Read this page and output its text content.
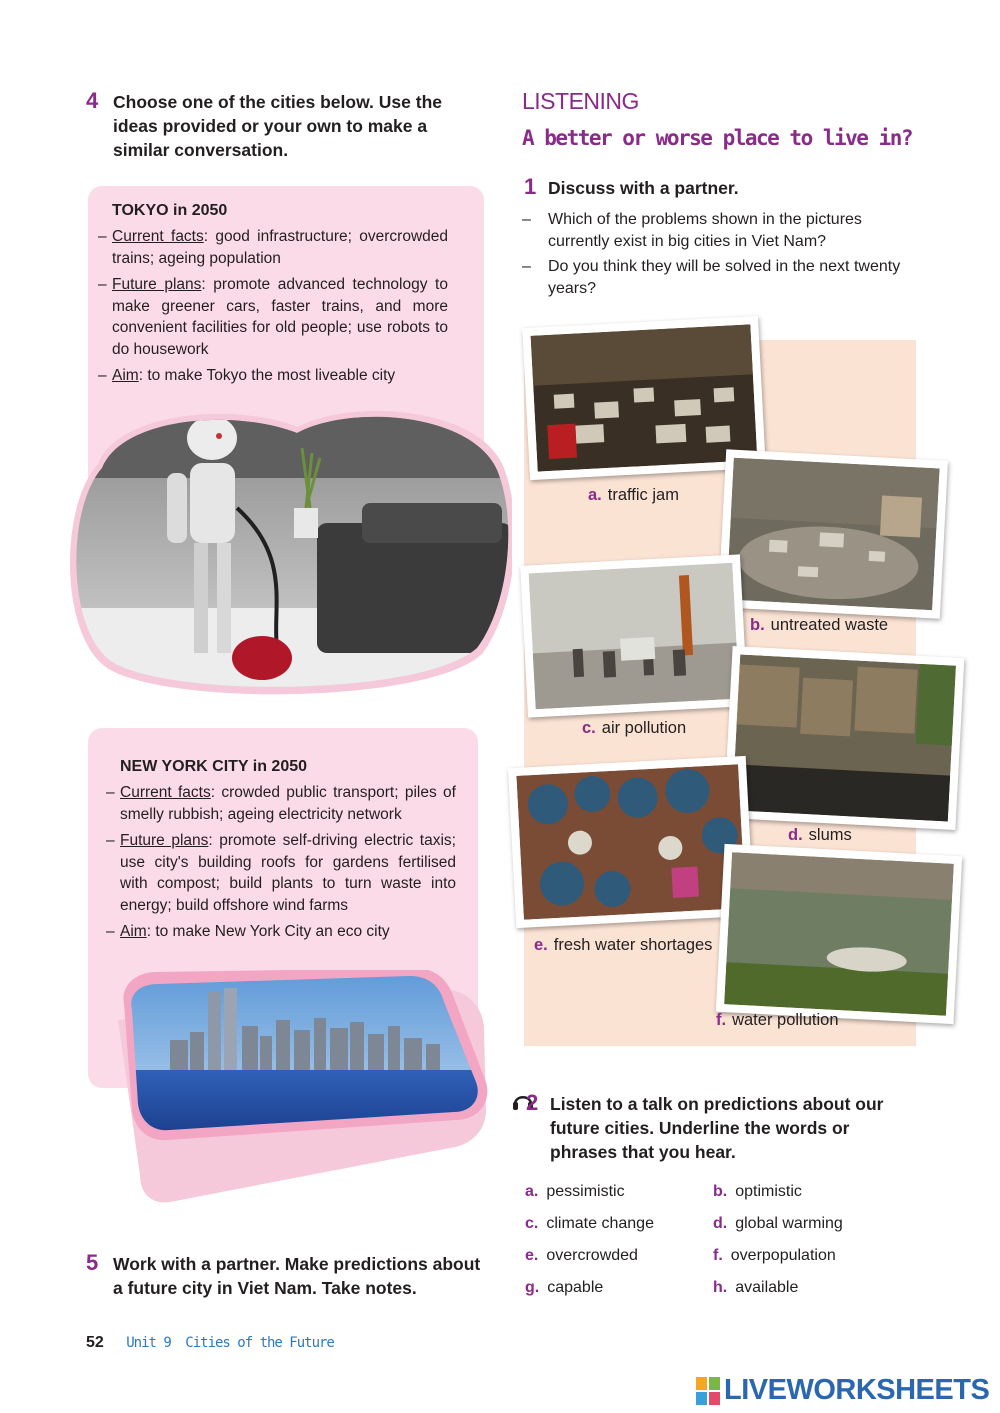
4 Choose one of the cities below. Use the ideas provided or your own to make a similar conversation.
TOKYO in 2050
– Current facts: good infrastructure; overcrowded trains; ageing population
– Future plans: promote advanced technology to make greener cars, faster trains, and more convenient facilities for old people; use robots to do housework
– Aim: to make Tokyo the most liveable city
NEW YORK CITY in 2050
– Current facts: crowded public transport; piles of smelly rubbish; ageing electricity network
– Future plans: promote self-driving electric taxis; use city's building roofs for gardens fertilised with compost; build plants to turn waste into energy; build offshore wind farms
– Aim: to make New York City an eco city
5 Work with a partner. Make predictions about a future city in Viet Nam. Take notes.
LISTENING
A better or worse place to live in?
1 Discuss with a partner.
– Which of the problems shown in the pictures currently exist in big cities in Viet Nam?
– Do you think they will be solved in the next twenty years?
a. traffic jam
b. untreated waste
c. air pollution
d. slums
e. fresh water shortages
f. water pollution
2 Listen to a talk on predictions about our future cities. Underline the words or phrases that you hear.
a. pessimistic	b. optimistic
c. climate change	d. global warming
e. overcrowded	f. overpopulation
g. capable	h. available
52 Unit 9 Cities of the Future
LIVEWORKSHEETS
